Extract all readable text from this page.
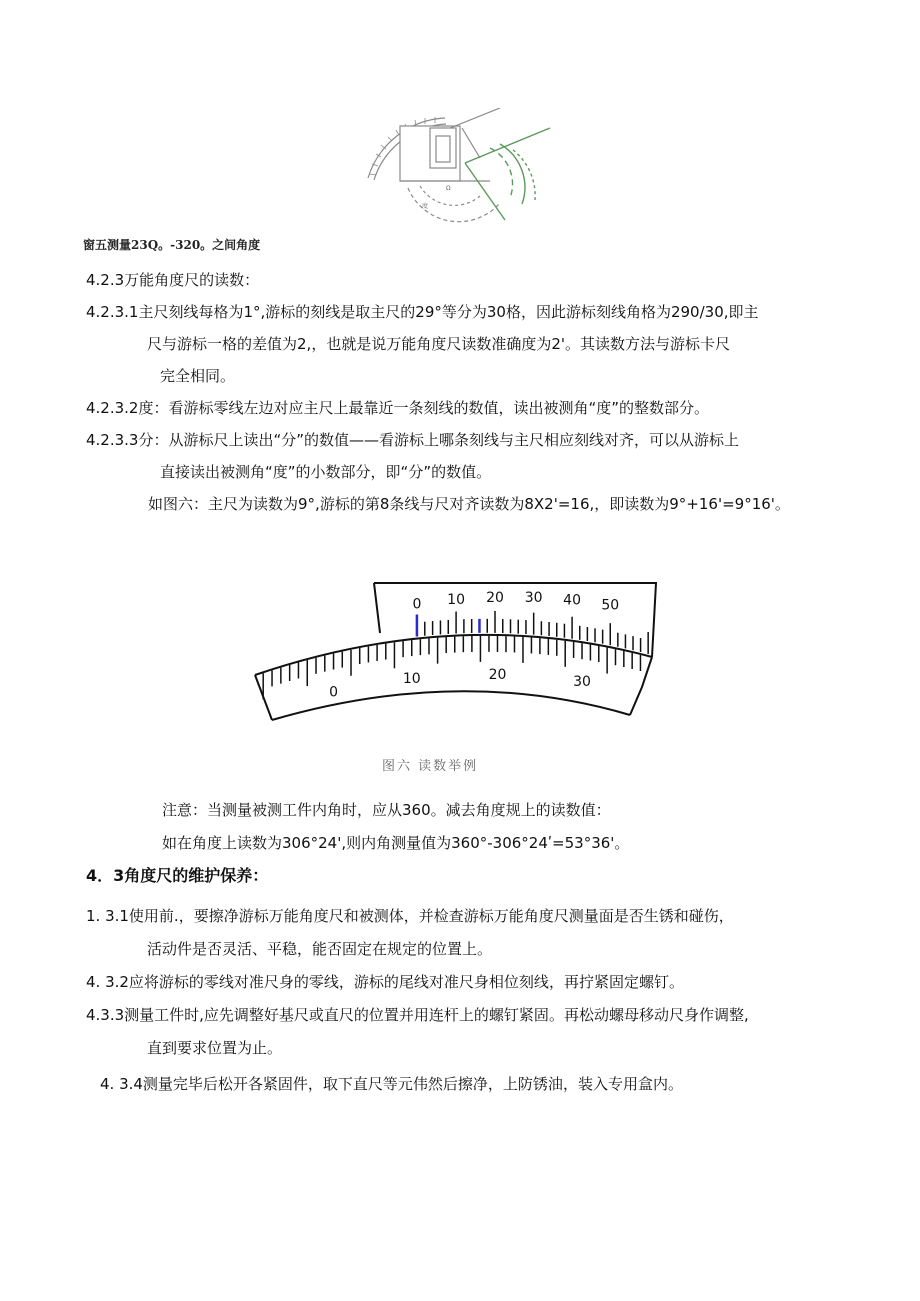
Ω
度
窗五测量23Q。-320。之间角度
4.2.3万能角度尺的读数：
4.2.3.1主尺刻线每格为1°,游标的刻线是取主尺的29°等分为30格，因此游标刻线角格为290/30,即主
尺与游标一格的差值为2,，也就是说万能角度尺读数准确度为2'。其读数方法与游标卡尺
完全相同。
4.2.3.2度：看游标零线左边对应主尺上最靠近一条刻线的数值，读出被测角“度”的整数部分。
4.2.3.3分：从游标尺上读出“分”的数值——看游标上哪条刻线与主尺相应刻线对齐，可以从游标上
直接读出被测角“度”的小数部分，即“分”的数值。
如图六：主尺为读数为9°,游标的第8条线与尺对齐读数为8X2'=16,，即读数为9°+16'=9°16'。
0 10 20 30 40 50
0
10	20	30
图六 读数举例
注意：当测量被测工件内角时，应从360。减去角度规上的读数值：
如在角度上读数为306°24',则内角测量值为360°-306°24ʹ=53°36'。
4．3角度尺的维护保养：
1. 3.1使用前.，要擦净游标万能角度尺和被测体，并检查游标万能角度尺测量面是否生锈和碰伤，
活动件是否灵活、平稳，能否固定在规定的位置上。
4. 3.2应将游标的零线对准尺身的零线，游标的尾线对准尺身相位刻线，再拧紧固定螺钉。
4.3.3测量工件时,应先调整好基尺或直尺的位置并用连杆上的螺钉紧固。再松动螺母移动尺身作调整,
直到要求位置为止。
4. 3.4测量完毕后松开各紧固件，取下直尺等元伟然后擦净，上防锈油，装入专用盒内。
